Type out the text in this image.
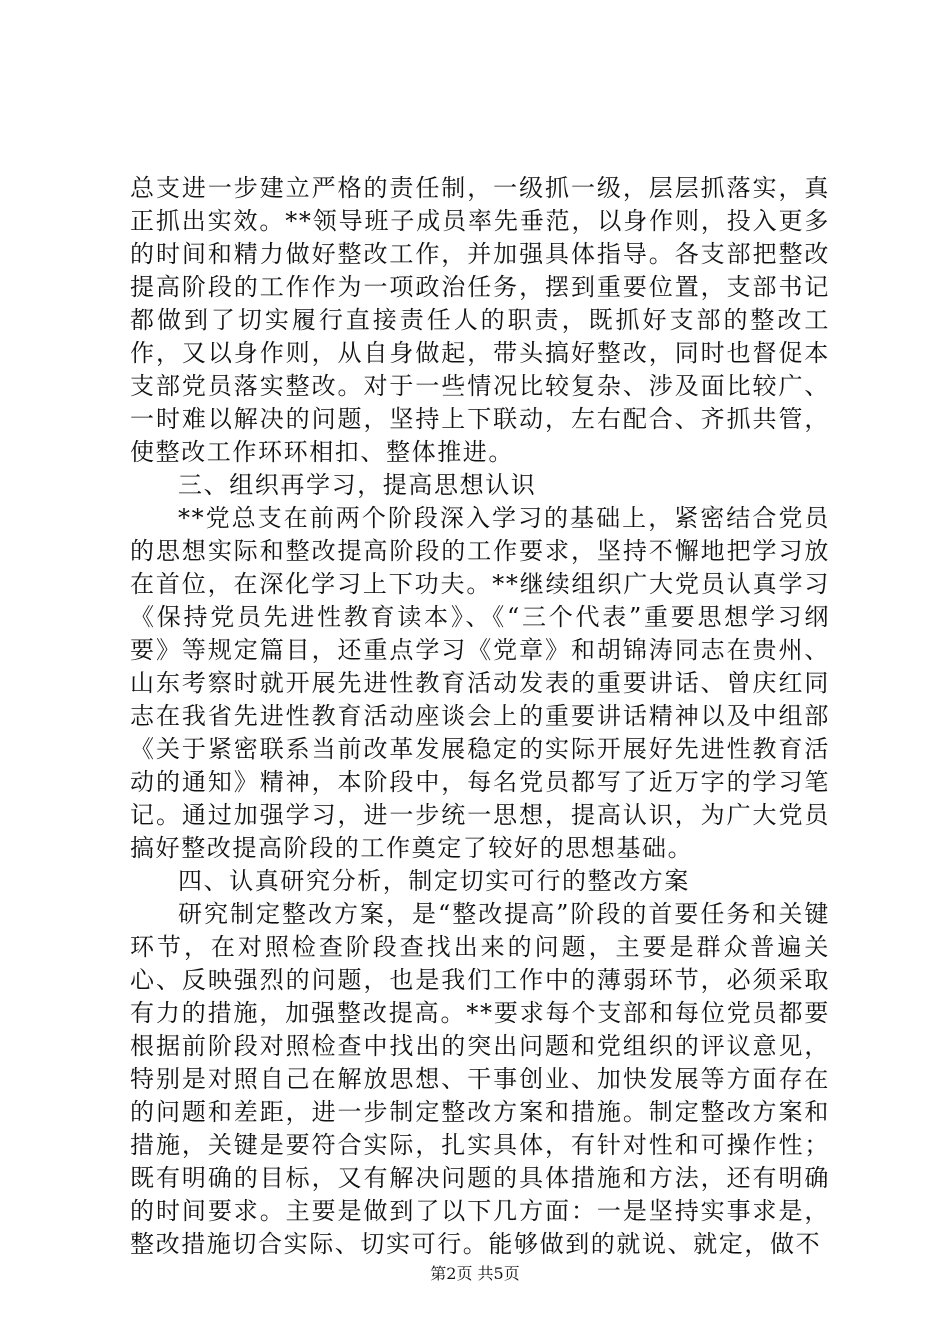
总支进一步建立严格的责任制，一级抓一级，层层抓落实，真正抓出实效。**领导班子成员率先垂范，以身作则，投入更多的时间和精力做好整改工作，并加强具体指导。各支部把整改提高阶段的工作作为一项政治任务，摆到重要位置，支部书记都做到了切实履行直接责任人的职责，既抓好支部的整改工作，又以身作则，从自身做起，带头搞好整改，同时也督促本支部党员落实整改。对于一些情况比较复杂、涉及面比较广、一时难以解决的问题，坚持上下联动，左右配合、齐抓共管，使整改工作环环相扣、整体推进。

三、组织再学习，提高思想认识

**党总支在前两个阶段深入学习的基础上，紧密结合党员的思想实际和整改提高阶段的工作要求，坚持不懈地把学习放在首位，在深化学习上下功夫。**继续组织广大党员认真学习《保持党员先进性教育读本》、《“三个代表”重要思想学习纲要》等规定篇目，还重点学习《党章》和胡锦涛同志在贵州、山东考察时就开展先进性教育活动发表的重要讲话、曾庆红同志在我省先进性教育活动座谈会上的重要讲话精神以及中组部《关于紧密联系当前改革发展稳定的实际开展好先进性教育活动的通知》精神，本阶段中，每名党员都写了近万字的学习笔记。通过加强学习，进一步统一思想，提高认识，为广大党员搞好整改提高阶段的工作奠定了较好的思想基础。

四、认真研究分析，制定切实可行的整改方案

研究制定整改方案，是“整改提高”阶段的首要任务和关键环节，在对照检查阶段查找出来的问题，主要是群众普遍关心、反映强烈的问题，也是我们工作中的薄弱环节，必须采取有力的措施，加强整改提高。**要求每个支部和每位党员都要根据前阶段对照检查中找出的突出问题和党组织的评议意见，特别是对照自己在解放思想、干事创业、加快发展等方面存在的问题和差距，进一步制定整改方案和措施。制定整改方案和措施，关键是要符合实际，扎实具体，有针对性和可操作性；既有明确的目标，又有解决问题的具体措施和方法，还有明确的时间要求。主要是做到了以下几方面：一是坚持实事求是，整改措施切合实际、切实可行。能够做到的就说、就定，做不

第2页 共5页
